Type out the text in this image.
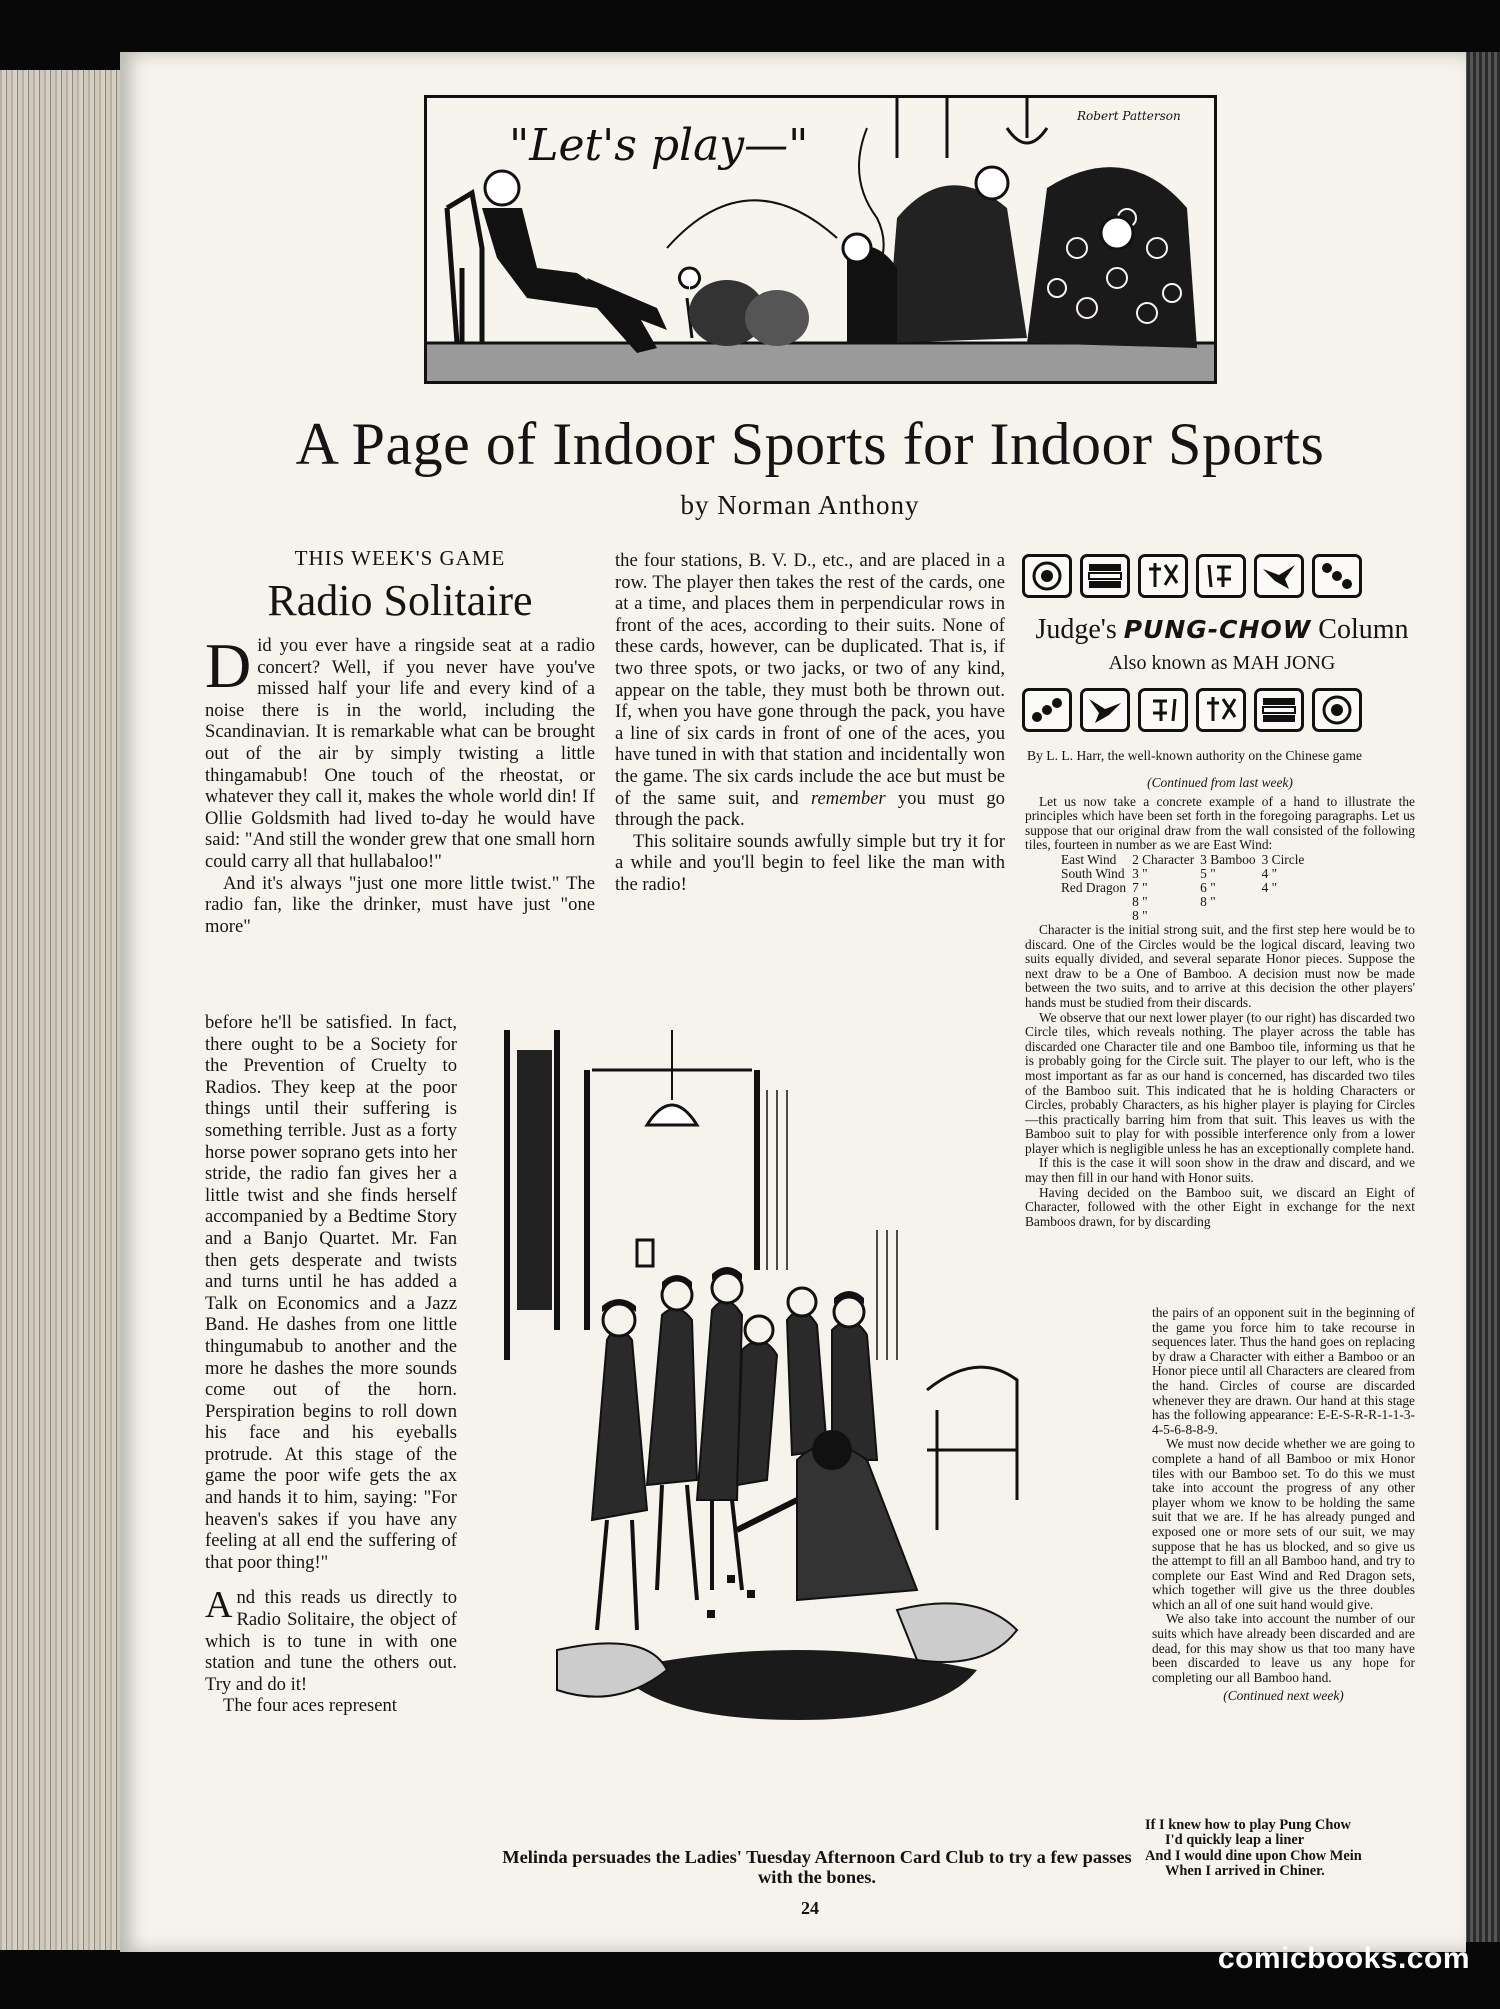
"Let's play—"
Robert Patterson
A Page of Indoor Sports for Indoor Sports
by Norman Anthony
THIS WEEK'S GAME
Radio Solitaire

Did you ever have a ringside seat at a radio concert? Well, if you never have you've missed half your life and every kind of a noise there is in the world, including the Scandinavian. It is remarkable what can be brought out of the air by simply twisting a little thingamabub! One touch of the rheostat, or whatever they call it, makes the whole world din! If Ollie Goldsmith had lived to-day he would have said: "And still the wonder grew that one small horn could carry all that hullabaloo!"

And it's always "just one more little twist." The radio fan, like the drinker, must have just "one more"

before he'll be satisfied. In fact, there ought to be a Society for the Prevention of Cruelty to Radios. They keep at the poor things until their suffering is something terrible. Just as a forty horse power soprano gets into her stride, the radio fan gives her a little twist and she finds herself accompanied by a Bedtime Story and a Banjo Quartet. Mr. Fan then gets desperate and twists and turns until he has added a Talk on Economics and a Jazz Band. He dashes from one little thingumabub to another and the more he dashes the more sounds come out of the horn. Perspiration begins to roll down his face and his eyeballs protrude. At this stage of the game the poor wife gets the ax and hands it to him, saying: "For heaven's sakes if you have any feeling at all end the suffering of that poor thing!"

And this reads us directly to Radio Solitaire, the object of which is to tune in with one station and tune the others out. Try and do it!

The four aces represent

the four stations, B. V. D., etc., and are placed in a row. The player then takes the rest of the cards, one at a time, and places them in perpendicular rows in front of the aces, according to their suits. None of these cards, however, can be duplicated. That is, if two three spots, or two jacks, or two of any kind, appear on the table, they must both be thrown out. If, when you have gone through the pack, you have a line of six cards in front of one of the aces, you have tuned in with that station and incidentally won the game. The six cards include the ace but must be of the same suit, and remember you must go through the pack.

This solitaire sounds awfully simple but try it for a while and you'll begin to feel like the man with the radio!

Melinda persuades the Ladies' Tuesday Afternoon Card Club to try a few passes with the bones.
24
Judge's PUNG-CHOW Column
Also known as MAH JONG
By L. L. Harr, the well-known authority on the Chinese game

(Continued from last week)

Let us now take a concrete example of a hand to illustrate the principles which have been set forth in the foregoing paragraphs. Let us suppose that our original draw from the wall consisted of the following tiles, fourteen in number as we are East Wind:

East Wind	2 Character	3 Bamboo	3 Circle
South Wind	3 "	5 "	4 "
Red Dragon	7 "	6 "	4 "
	8 "	8 "	
	8 "		

Character is the initial strong suit, and the first step here would be to discard. One of the Circles would be the logical discard, leaving two suits equally divided, and several separate Honor pieces. Suppose the next draw to be a One of Bamboo. A decision must now be made between the two suits, and to arrive at this decision the other players' hands must be studied from their discards.

We observe that our next lower player (to our right) has discarded two Circle tiles, which reveals nothing. The player across the table has discarded one Character tile and one Bamboo tile, informing us that he is probably going for the Circle suit. The player to our left, who is the most important as far as our hand is concerned, has discarded two tiles of the Bamboo suit. This indicated that he is holding Characters or Circles, probably Characters, as his higher player is playing for Circles—this practically barring him from that suit. This leaves us with the Bamboo suit to play for with possible interference only from a lower player which is negligible unless he has an exceptionally complete hand.

If this is the case it will soon show in the draw and discard, and we may then fill in our hand with Honor suits.

Having decided on the Bamboo suit, we discard an Eight of Character, followed with the other Eight in exchange for the next Bamboos drawn, for by discarding

the pairs of an opponent suit in the beginning of the game you force him to take recourse in sequences later. Thus the hand goes on replacing by draw a Character with either a Bamboo or an Honor piece until all Characters are cleared from the hand. Circles of course are discarded whenever they are drawn. Our hand at this stage has the following appearance: E-E-S-R-R-1-1-3-4-5-6-8-8-9.

We must now decide whether we are going to complete a hand of all Bamboo or mix Honor tiles with our Bamboo set. To do this we must take into account the progress of any other player whom we know to be holding the same suit that we are. If he has already punged and exposed one or more sets of our suit, we may suppose that he has us blocked, and so give us the attempt to fill an all Bamboo hand, and try to complete our East Wind and Red Dragon sets, which together will give us the three doubles which an all of one suit hand would give.

We also take into account the number of our suits which have already been discarded and are dead, for this may show us that too many have been discarded to leave us any hope for completing our all Bamboo hand.

(Continued next week)

If I knew how to play Pung Chow
I'd quickly leap a liner
And I would dine upon Chow Mein
When I arrived in Chiner.
comicbooks.com
